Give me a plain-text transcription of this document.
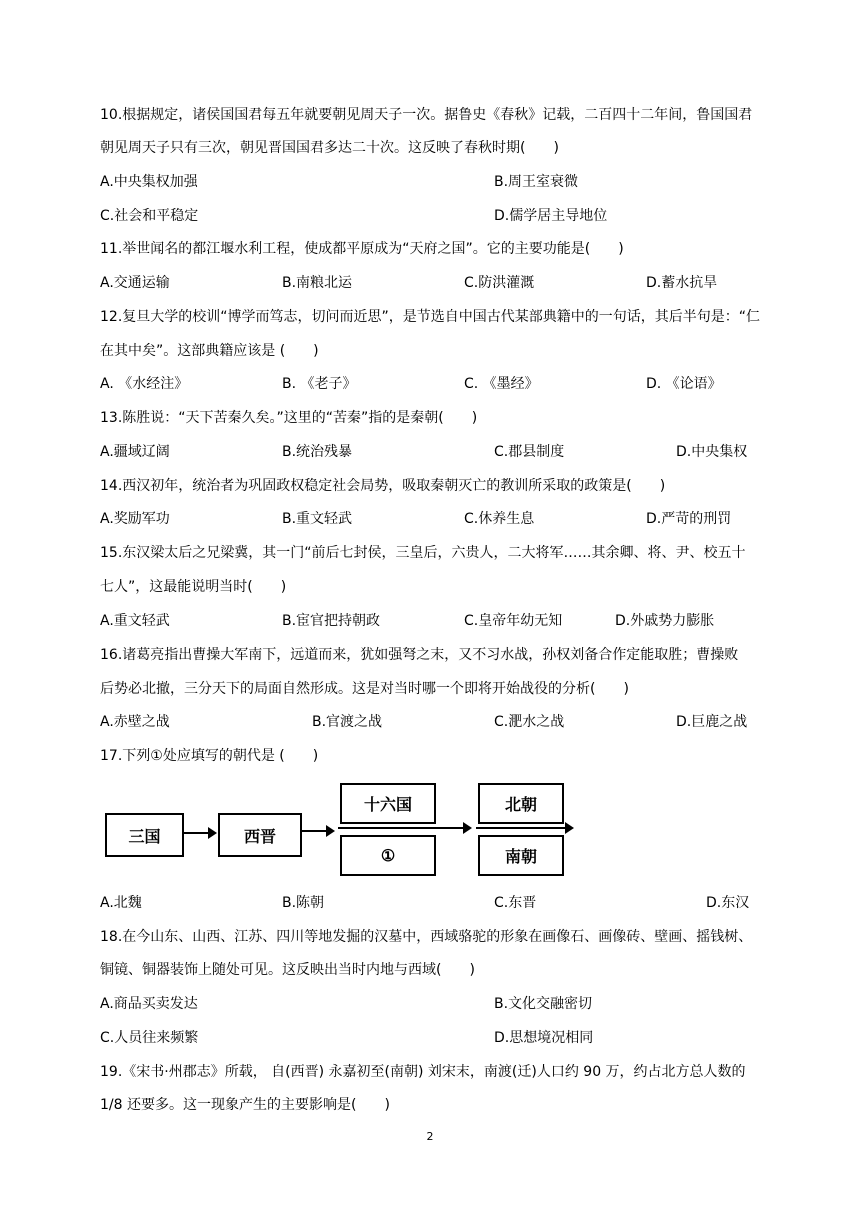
10.根据规定，诸侯国国君每五年就要朝见周天子一次。据鲁史《春秋》记载，二百四十二年间，鲁国国君
朝见周天子只有三次，朝见晋国国君多达二十次。这反映了春秋时期(　　)
A.中央集权加强	B.周王室衰微
C.社会和平稳定	D.儒学居主导地位
11.举世闻名的都江堰水利工程，使成都平原成为“天府之国”。它的主要功能是(　　)
A.交通运输	B.南粮北运	C.防洪灌溉	D.蓄水抗旱
12.复旦大学的校训“博学而笃志，切问而近思”，是节选自中国古代某部典籍中的一句话，其后半句是：“仁
在其中矣”。这部典籍应该是 (　　)
A. 《水经注》	B. 《老子》	C. 《墨经》	D. 《论语》
13.陈胜说：“天下苦秦久矣。”这里的“苦秦”指的是秦朝(　　)
A.疆域辽阔	B.统治残暴	C.郡县制度	D.中央集权
14.西汉初年，统治者为巩固政权稳定社会局势，吸取秦朝灭亡的教训所采取的政策是(　　)
A.奖励军功	B.重文轻武	C.休养生息	D.严苛的刑罚
15.东汉梁太后之兄梁冀，其一门“前后七封侯，三皇后，六贵人，二大将军……其余卿、将、尹、校五十
七人”，这最能说明当时(　　)
A.重文轻武	B.宦官把持朝政	C.皇帝年幼无知	D.外戚势力膨胀
16.诸葛亮指出曹操大军南下，远道而来，犹如强弩之末，又不习水战，孙权刘备合作定能取胜；曹操败
后势必北撤，三分天下的局面自然形成。这是对当时哪一个即将开始战役的分析(　　)
A.赤壁之战	B.官渡之战	C.淝水之战	D.巨鹿之战
17.下列①处应填写的朝代是 (　　)
三国	西晋
十六国
①
北朝
南朝
A.北魏	B.陈朝	C.东晋	D.东汉
18.在今山东、山西、江苏、四川等地发掘的汉墓中，西域骆驼的形象在画像石、画像砖、壁画、摇钱树、
铜镜、铜器装饰上随处可见。这反映出当时内地与西域(　　)
A.商品买卖发达	B.文化交融密切
C.人员往来频繁	D.思想境况相同
19.《宋书·州郡志》所载， 自(西晋) 永嘉初至(南朝) 刘宋末，南渡(迁)人口约 90 万，约占北方总人数的
1/8 还要多。这一现象产生的主要影响是(　　)
2
